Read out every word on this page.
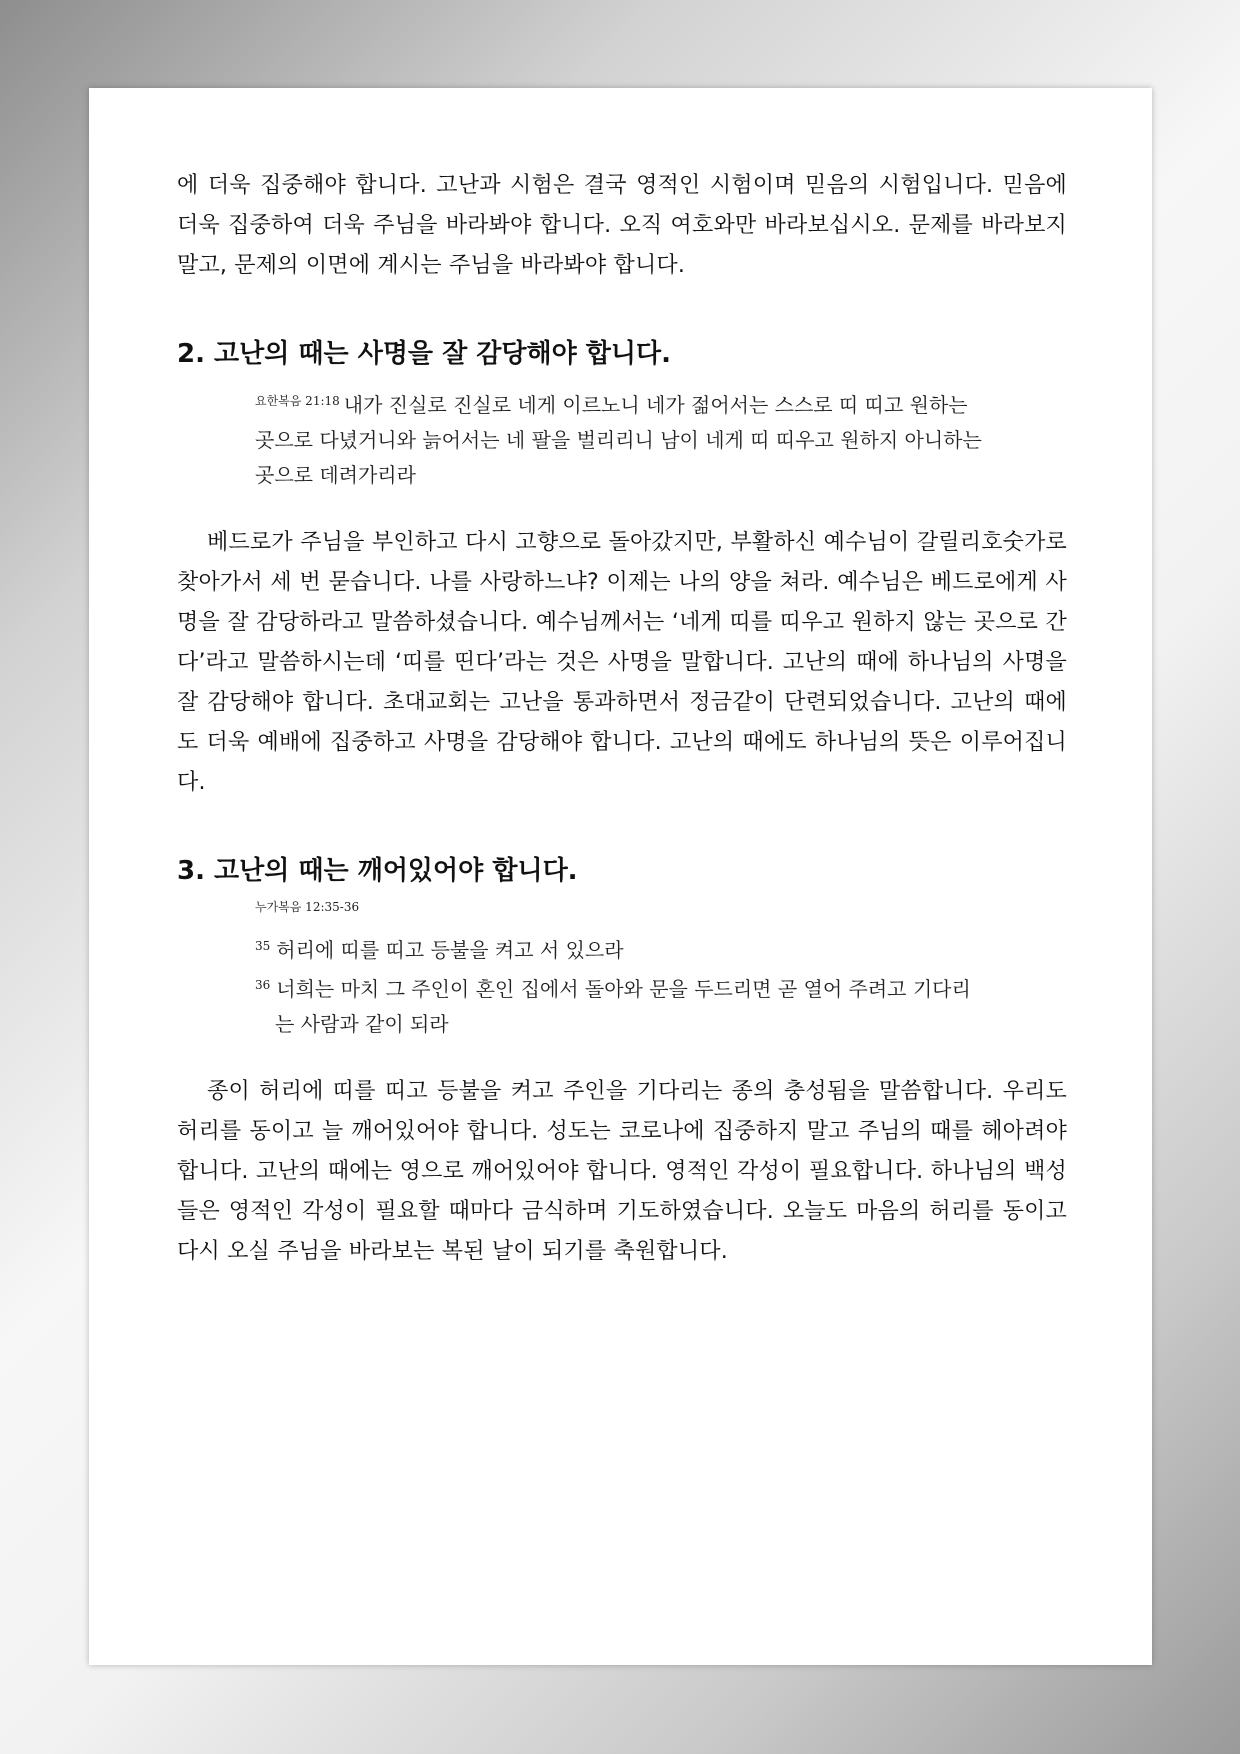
에 더욱 집중해야 합니다. 고난과 시험은 결국 영적인 시험이며 믿음의 시험입니다. 믿음에 더욱 집중하여 더욱 주님을 바라봐야 합니다. 오직 여호와만 바라보십시오. 문제를 바라보지 말고, 문제의 이면에 계시는 주님을 바라봐야 합니다.

2. 고난의 때는 사명을 잘 감당해야 합니다.
$^{요한복음 21:18}$ 내가 진실로 진실로 네게 이르노니 네가 젊어서는 스스로 띠 띠고 원하는 곳으로 다녔거니와 늙어서는 네 팔을 벌리리니 남이 네게 띠 띠우고 원하지 아니하는 곳으로 데려가리라

베드로가 주님을 부인하고 다시 고향으로 돌아갔지만, 부활하신 예수님이 갈릴리호숫가로 찾아가서 세 번 묻습니다. 나를 사랑하느냐? 이제는 나의 양을 쳐라. 예수님은 베드로에게 사명을 잘 감당하라고 말씀하셨습니다. 예수님께서는 ‘네게 띠를 띠우고 원하지 않는 곳으로 간다’라고 말씀하시는데 ‘띠를 띤다’라는 것은 사명을 말합니다. 고난의 때에 하나님의 사명을 잘 감당해야 합니다. 초대교회는 고난을 통과하면서 정금같이 단련되었습니다. 고난의 때에도 더욱 예배에 집중하고 사명을 감당해야 합니다. 고난의 때에도 하나님의 뜻은 이루어집니다.

3. 고난의 때는 깨어있어야 합니다.
누가복음 12:35-36
$^{35}$ 허리에 띠를 띠고 등불을 켜고 서 있으라
$^{36}$ 너희는 마치 그 주인이 혼인 집에서 돌아와 문을 두드리면 곧 열어 주려고 기다리는 사람과 같이 되라

종이 허리에 띠를 띠고 등불을 켜고 주인을 기다리는 종의 충성됨을 말씀합니다. 우리도 허리를 동이고 늘 깨어있어야 합니다. 성도는 코로나에 집중하지 말고 주님의 때를 헤아려야 합니다. 고난의 때에는 영으로 깨어있어야 합니다. 영적인 각성이 필요합니다. 하나님의 백성들은 영적인 각성이 필요할 때마다 금식하며 기도하였습니다. 오늘도 마음의 허리를 동이고 다시 오실 주님을 바라보는 복된 날이 되기를 축원합니다.
